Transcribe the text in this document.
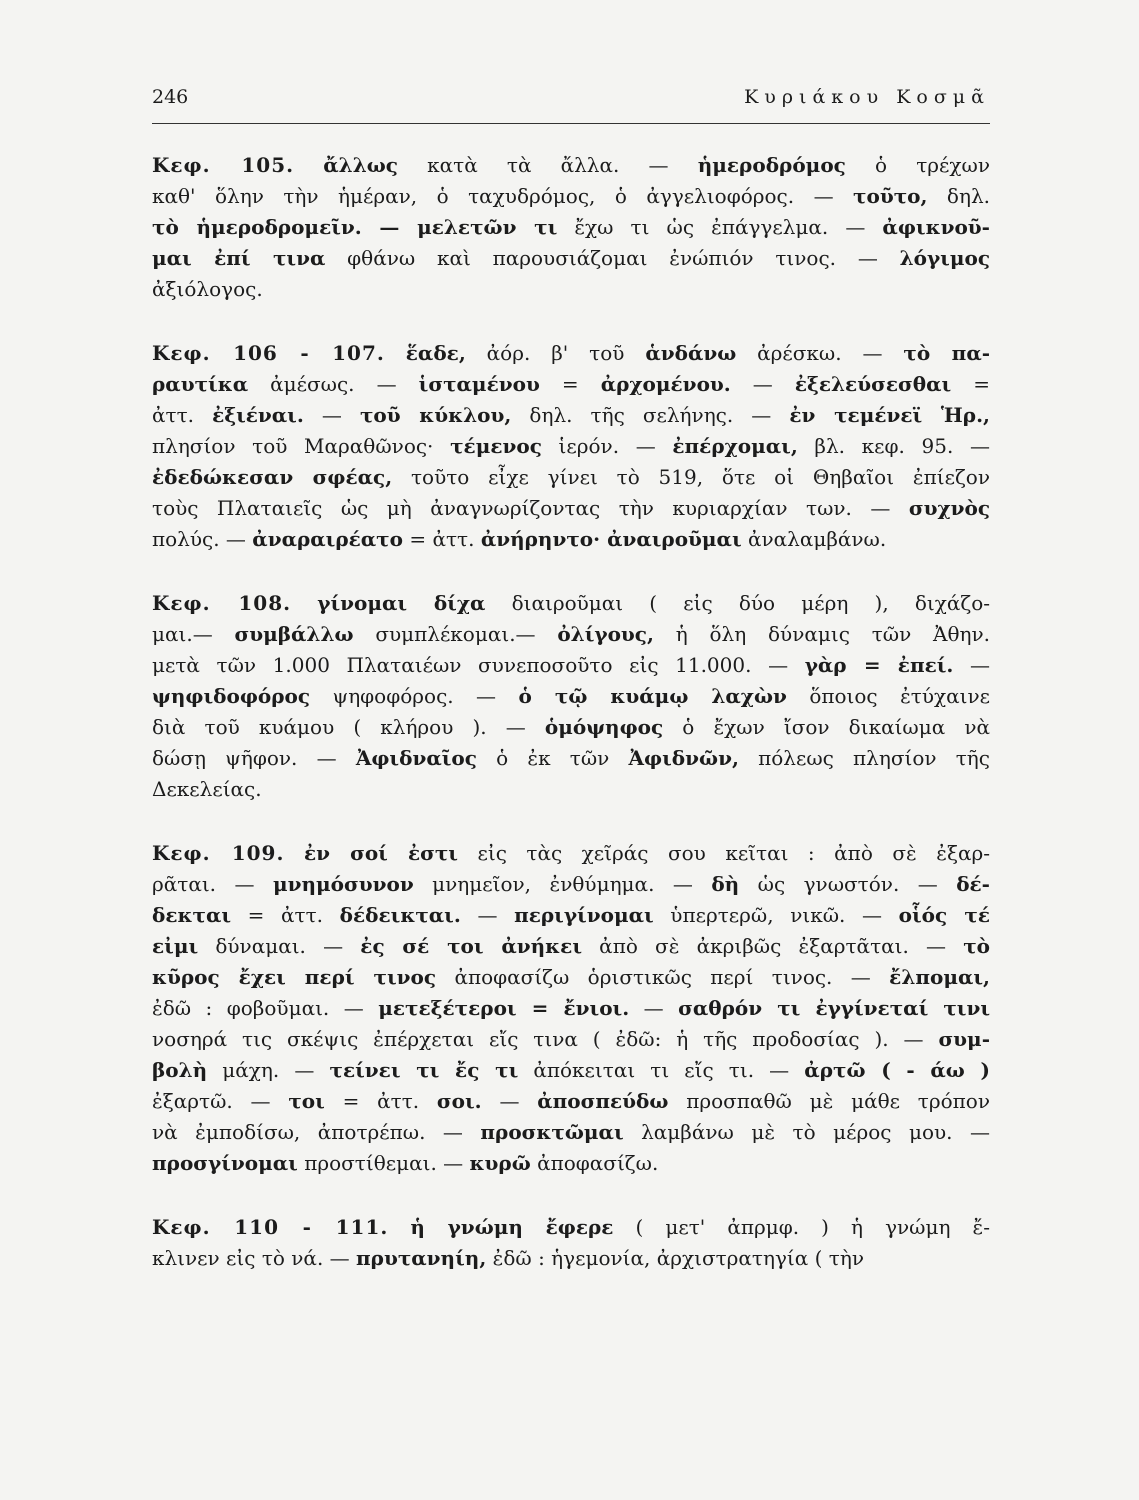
246	Κυριάκου Κοσμᾶ
Κεφ. 105. ἄλλως κατὰ τὰ ἄλλα. — ἡμεροδρόμος ὁ τρέχων
καθ' ὅλην τὴν ἡμέραν, ὁ ταχυδρόμος, ὁ ἀγγελιοφόρος. — τοῦτο, δηλ.
τὸ ἡμεροδρομεῖν. — μελετῶν τι ἔχω τι ὡς ἐπάγγελμα. — ἀφικνοῦ-
μαι ἐπί τινα φθάνω καὶ παρουσιάζομαι ἐνώπιόν τινος. — λόγιμος
ἀξιόλογος.
Κεφ. 106 - 107. ἕαδε, ἀόρ. β' τοῦ ἁνδάνω ἀρέσκω. — τὸ πα-
ραυτίκα ἀμέσως. — ἱσταμένου = ἀρχομένου. — ἐξελεύσεσθαι =
ἀττ. ἐξιέναι. — τοῦ κύκλου, δηλ. τῆς σελήνης. — ἐν τεμένεϊ Ἡρ.,
πλησίον τοῦ Μαραθῶνος· τέμενος ἱερόν. — ἐπέρχομαι, βλ. κεφ. 95. —
ἐδεδώκεσαν σφέας, τοῦτο εἶχε γίνει τὸ 519, ὅτε οἱ Θηβαῖοι ἐπίεζον
τοὺς Πλαταιεῖς ὡς μὴ ἀναγνωρίζοντας τὴν κυριαρχίαν των. — συχνὸς
πολύς. — ἀναραιρέατο = ἀττ. ἀνήρηντο· ἀναιροῦμαι ἀναλαμβάνω.
Κεφ. 108. γίνομαι δίχα διαιροῦμαι ( εἰς δύο μέρη ), διχάζο-
μαι.— συμβάλλω συμπλέκομαι.— ὀλίγους, ἡ ὅλη δύναμις τῶν Ἀθην.
μετὰ τῶν 1.000 Πλαταιέων συνεποσοῦτο εἰς 11.000. — γὰρ = ἐπεί. —
ψηφιδοφόρος ψηφοφόρος. — ὁ τῷ κυάμῳ λαχὼν ὅποιος ἐτύχαινε
διὰ τοῦ κυάμου ( κλήρου ). — ὁμόψηφος ὁ ἔχων ἴσον δικαίωμα νὰ
δώσῃ ψῆφον. — Ἀφιδναῖος ὁ ἐκ τῶν Ἀφιδνῶν, πόλεως πλησίον τῆς
Δεκελείας.
Κεφ. 109. ἐν σοί ἐστι εἰς τὰς χεῖράς σου κεῖται : ἀπὸ σὲ ἐξαρ-
ρᾶται. — μνημόσυνον μνημεῖον, ἐνθύμημα. — δὴ ὡς γνωστόν. — δέ-
δεκται = ἀττ. δέδεικται. — περιγίνομαι ὑπερτερῶ, νικῶ. — οἷός τέ
εἰμι δύναμαι. — ἐς σέ τοι ἀνήκει ἀπὸ σὲ ἀκριβῶς ἐξαρτᾶται. — τὸ
κῦρος ἔχει περί τινος ἀποφασίζω ὁριστικῶς περί τινος. — ἔλπομαι,
ἐδῶ : φοβοῦμαι. — μετεξέτεροι = ἔνιοι. — σαθρόν τι ἐγγίνεταί τινι
νοσηρά τις σκέψις ἐπέρχεται εἴς τινα ( ἐδῶ: ἡ τῆς προδοσίας ). — συμ-
βολὴ μάχη. — τείνει τι ἔς τι ἀπόκειται τι εἴς τι. — ἀρτῶ ( - άω )
ἐξαρτῶ. — τοι = ἀττ. σοι. — ἀποσπεύδω προσπαθῶ μὲ μάθε τρόπον
νὰ ἐμποδίσω, ἀποτρέπω. — προσκτῶμαι λαμβάνω μὲ τὸ μέρος μου. —
προσγίνομαι προστίθεμαι. — κυρῶ ἀποφασίζω.
Κεφ. 110 - 111. ἡ γνώμη ἔφερε ( μετ' ἀπρμφ. ) ἡ γνώμη ἔ-
κλινεν εἰς τὸ νά. — πρυτανηίη, ἐδῶ : ἡγεμονία, ἀρχιστρατηγία ( τὴν
